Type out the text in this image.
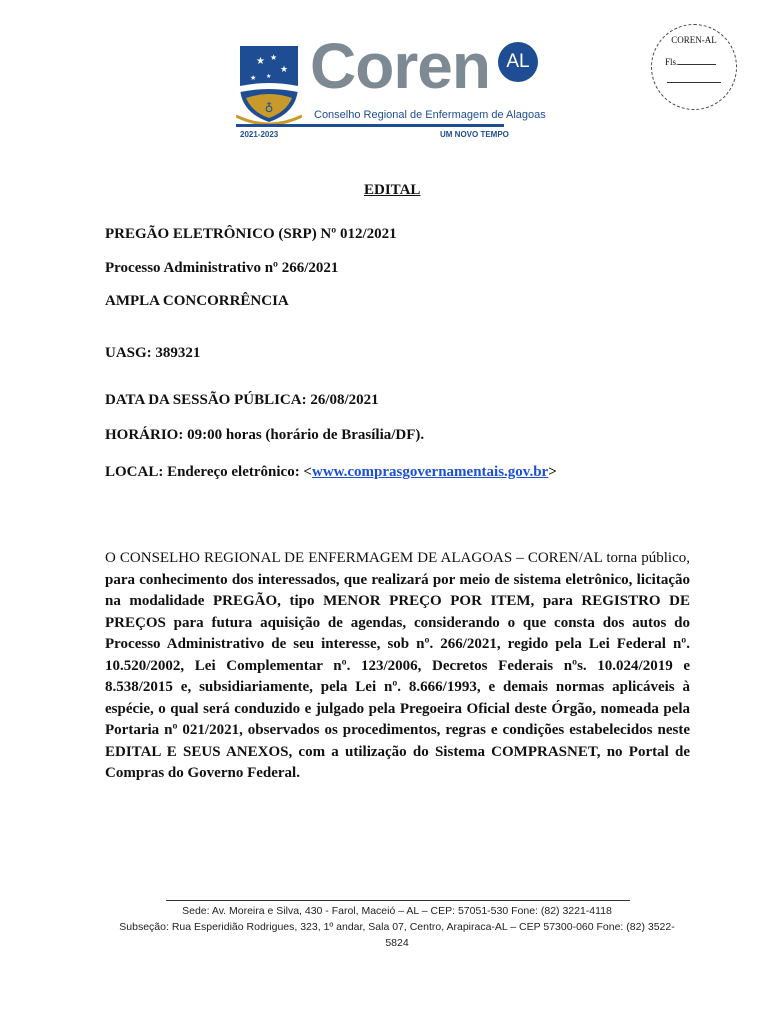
♁
★ ★
★
★ ★ Coren AL
Conselho Regional de Enfermagem de Alagoas
2021-2023	UM NOVO TEMPO
COREN-AL
Fls.
EDITAL
PREGÃO ELETRÔNICO (SRP) Nº 012/2021
Processo Administrativo nº 266/2021
AMPLA CONCORRÊNCIA
UASG: 389321
DATA DA SESSÃO PÚBLICA: 26/08/2021
HORÁRIO: 09:00 horas (horário de Brasília/DF).
LOCAL: Endereço eletrônico: <www.comprasgovernamentais.gov.br>
O CONSELHO REGIONAL DE ENFERMAGEM DE ALAGOAS – COREN/AL torna público, para conhecimento dos interessados, que realizará por meio de sistema eletrônico, licitação na modalidade PREGÃO, tipo MENOR PREÇO POR ITEM, para REGISTRO DE PREÇOS para futura aquisição de agendas, considerando o que consta dos autos do Processo Administrativo de seu interesse, sob nº. 266/2021, regido pela Lei Federal nº. 10.520/2002, Lei Complementar nº. 123/2006, Decretos Federais nºs. 10.024/2019 e 8.538/2015 e, subsidiariamente, pela Lei nº. 8.666/1993, e demais normas aplicáveis à espécie, o qual será conduzido e julgado pela Pregoeira Oficial deste Órgão, nomeada pela Portaria nº 021/2021, observados os procedimentos, regras e condições estabelecidos neste EDITAL E SEUS ANEXOS, com a utilização do Sistema COMPRASNET, no Portal de Compras do Governo Federal.
Sede: Av. Moreira e Silva, 430 - Farol, Maceió – AL – CEP: 57051-530 Fone: (82) 3221-4118
Subseção: Rua Esperidião Rodrigues, 323, 1º andar, Sala 07, Centro, Arapiraca-AL – CEP 57300-060 Fone: (82) 3522-5824
